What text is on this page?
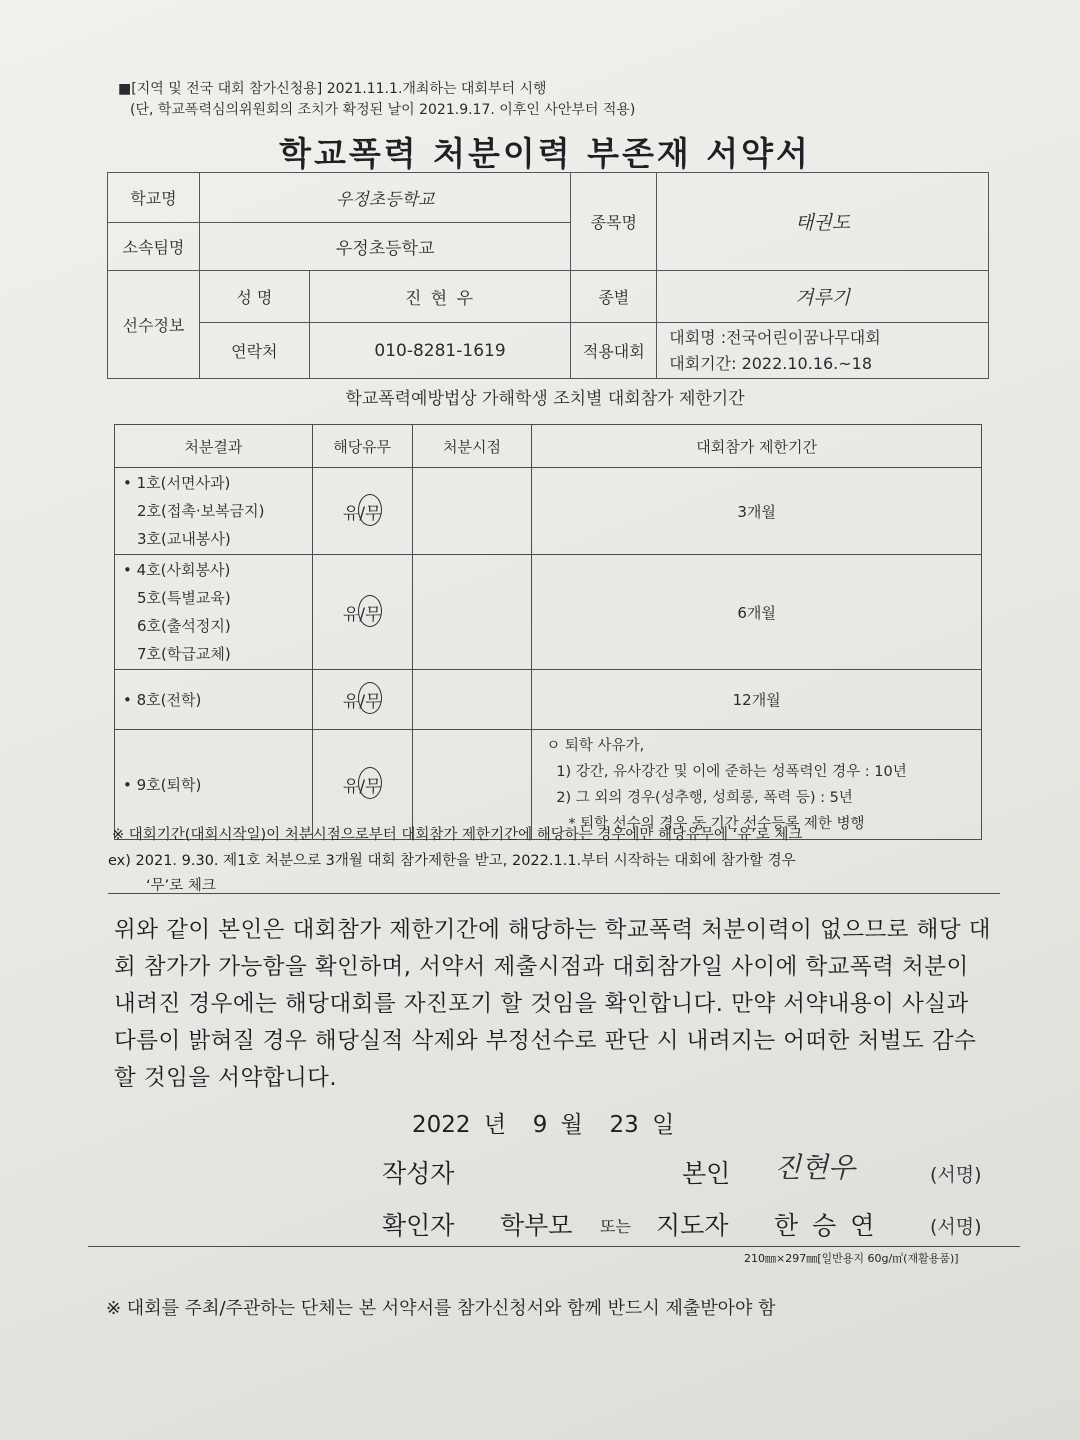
■[지역 및 전국 대회 참가신청용] 2021.11.1.개최하는 대회부터 시행
(단, 학교폭력심의위원회의 조치가 확정된 날이 2021.9.17. 이후인 사안부터 적용)
학교폭력 처분이력 부존재 서약서
학교명	우정초등학교		종목명	태권도
소속팀명	우정초등학교			
선수정보	성 명	진 현 우	종별	겨루기
	연락처	010-8281-1619	적용대회	대회명 :전국어린이꿈나무대회
대회기간: 2022.10.16.~18
학교폭력예방법상 가해학생 조치별 대회참가 제한기간
처분결과	해당유무	처분시점	대회참가 제한기간

• 1호(서면사과)
2호(접촉·보복금지)
3호(교내봉사)	유/무		3개월

• 4호(사회봉사)
5호(특별교육)
6호(출석정지)
7호(학급교체)	유/무		6개월

• 8호(전학)	유/무		12개월

• 9호(퇴학)	유/무		ㅇ 퇴학 사유가,
1) 강간, 유사강간 및 이에 준하는 성폭력인 경우 : 10년
2) 그 외의 경우(성추행, 성희롱, 폭력 등) : 5년
* 퇴학 선수의 경우 동 기간 선수등록 제한 병행
※ 대회기간(대회시작일)이 처분시점으로부터 대회참가 제한기간에 해당하는 경우에만 해당유무에 ‘유’로 체크
ex) 2021. 9.30. 제1호 처분으로 3개월 대회 참가제한을 받고, 2022.1.1.부터 시작하는 대회에 참가할 경우
‘무’로 체크
위와 같이 본인은 대회참가 제한기간에 해당하는 학교폭력 처분이력이 없으므로 해당 대회 참가가 가능함을 확인하며, 서약서 제출시점과 대회참가일 사이에 학교폭력 처분이 내려진 경우에는 해당대회를 자진포기 할 것임을 확인합니다. 만약 서약내용이 사실과 다름이 밝혀질 경우 해당실적 삭제와 부정선수로 판단 시 내려지는 어떠한 처벌도 감수할 것임을 서약합니다.
2022 년 9 월 23 일
작성자	본인 진현우	(서명)
확인자 학부모 또는 지도자 한 승 연	(서명)
210㎜×297㎜[일반용지 60g/㎡(재활용품)]
※ 대회를 주최/주관하는 단체는 본 서약서를 참가신청서와 함께 반드시 제출받아야 함
